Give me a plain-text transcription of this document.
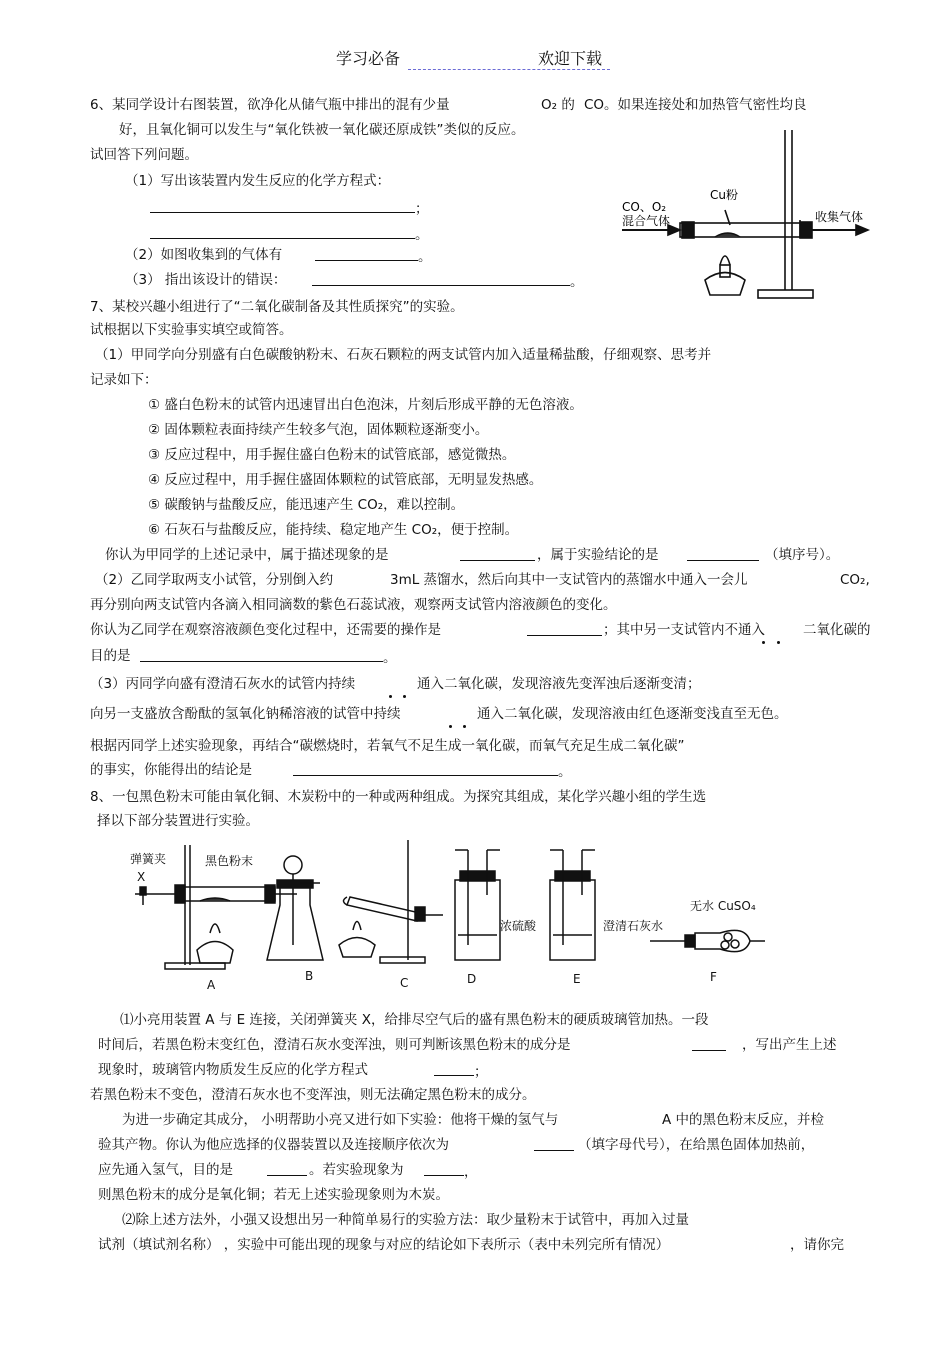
学习必备	欢迎下载
6、某同学设计右图装置，欲净化从储气瓶中排出的混有少量	O₂ 的 CO。如果连接处和加热管气密性均良
好，且氧化铜可以发生与“氧化铁被一氧化碳还原成铁”类似的反应。
试回答下列问题。
（1）写出该装置内发生反应的化学方程式：
；
。
（2）如图收集到的气体有	。
（3） 指出该设计的错误：	。
CO、O₂
混合气体
Cu粉
收集气体
7、某校兴趣小组进行了“二氧化碳制备及其性质探究”的实验。
试根据以下实验事实填空或简答。
（1）甲同学向分别盛有白色碳酸钠粉末、石灰石颗粒的两支试管内加入适量稀盐酸，仔细观察、思考并
记录如下：
① 盛白色粉末的试管内迅速冒出白色泡沫，片刻后形成平静的无色溶液。
② 固体颗粒表面持续产生较多气泡，固体颗粒逐渐变小。
③ 反应过程中，用手握住盛白色粉末的试管底部，感觉微热。
④ 反应过程中，用手握住盛固体颗粒的试管底部，无明显发热感。
⑤ 碳酸钠与盐酸反应，能迅速产生 CO₂，难以控制。
⑥ 石灰石与盐酸反应，能持续、稳定地产生 CO₂，便于控制。
你认为甲同学的上述记录中，属于描述现象的是	，属于实验结论的是	（填序号）。
（2）乙同学取两支小试管，分别倒入约	3mL 蒸馏水，然后向其中一支试管内的蒸馏水中通入一会儿	CO₂,
再分别向两支试管内各滴入相同滴数的紫色石蕊试液，观察两支试管内溶液颜色的变化。
你认为乙同学在观察溶液颜色变化过程中，还需要的操作是	；其中另一支试管内不通入	二氧化碳的
目的是	。
（3）丙同学向盛有澄清石灰水的试管内持续	通入二氧化碳，发现溶液先变浑浊后逐渐变清；
向另一支盛放含酚酞的氢氧化钠稀溶液的试管中持续	通入二氧化碳，发现溶液由红色逐渐变浅直至无色。
根据丙同学上述实验现象，再结合“碳燃烧时，若氧气不足生成一氧化碳，而氧气充足生成二氧化碳”
的事实，你能得出的结论是	。
8、一包黑色粉末可能由氧化铜、木炭粉中的一种或两种组成。为探究其组成，某化学兴趣小组的学生选
择以下部分装置进行实验。
弹簧夹
X
黑色粉末
浓硫酸	澄清石灰水
无水 CuSO₄
A
B	C	D	E	F
⑴小亮用装置 A 与 E 连接，关闭弹簧夹 X，给排尽空气后的盛有黑色粉末的硬质玻璃管加热。一段
时间后，若黑色粉末变红色，澄清石灰水变浑浊，则可判断该黑色粉末的成分是	，写出产生上述
现象时，玻璃管内物质发生反应的化学方程式	；
若黑色粉末不变色，澄清石灰水也不变浑浊，则无法确定黑色粉末的成分。
为进一步确定其成分， 小明帮助小亮又进行如下实验：他将干燥的氢气与	A 中的黑色粉末反应，并检
验其产物。你认为他应选择的仪器装置以及连接顺序依次为	（填字母代号），在给黑色固体加热前，
应先通入氢气，目的是	。若实验现象为	，
则黑色粉末的成分是氧化铜；若无上述实验现象则为木炭。
⑵除上述方法外，小强又设想出另一种简单易行的实验方法：取少量粉末于试管中，再加入过量
试剂（填试剂名称） ，实验中可能出现的现象与对应的结论如下表所示（表中未列完所有情况）	，请你完
